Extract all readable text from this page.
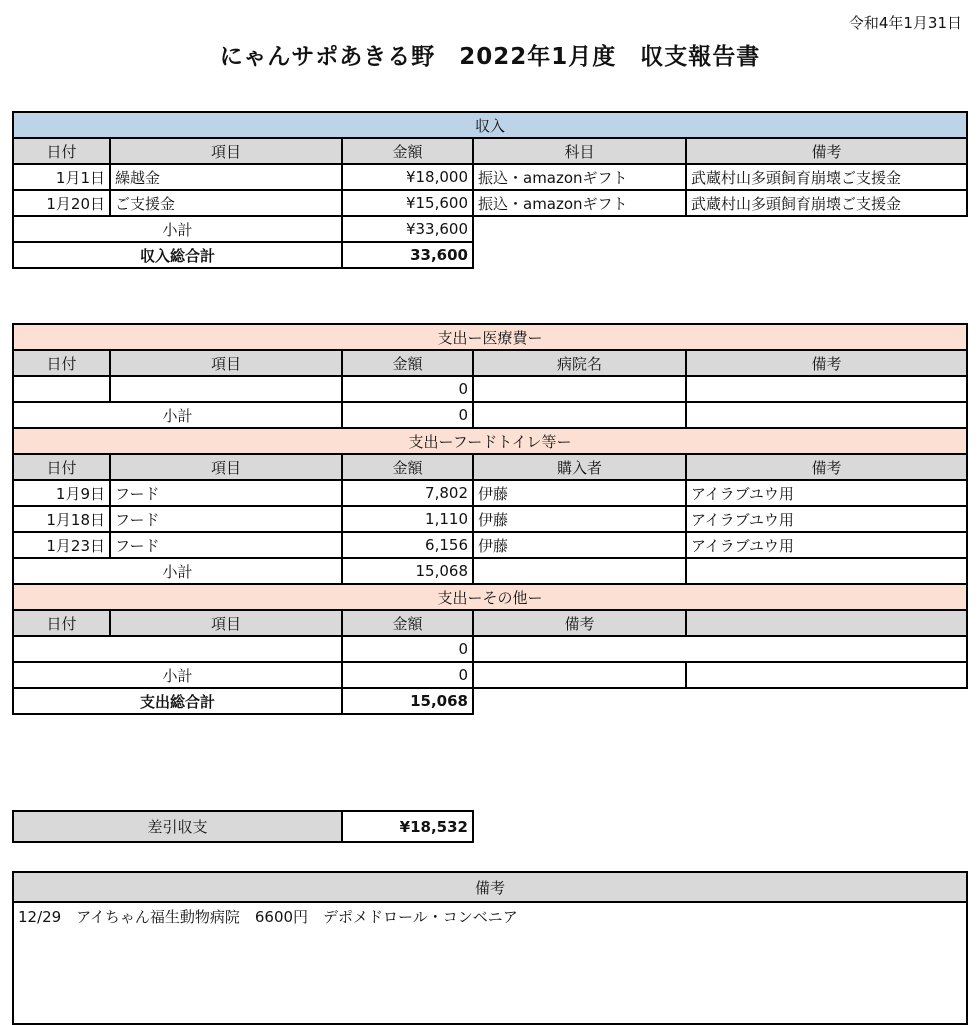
令和4年1月31日
にゃんサポあきる野　2022年1月度　収支報告書
収入				
日付	項目	金額	科目	備考
1月1日	繰越金	¥18,000	振込・amazonギフト	武蔵村山多頭飼育崩壊ご支援金
1月20日	ご支援金	¥15,600	振込・amazonギフト	武蔵村山多頭飼育崩壊ご支援金
小計		¥33,600		
収入総合計		33,600		
支出ー医療費ー				
日付	項目	金額	病院名	備考
		0		
小計		0		
支出ーフードトイレ等ー				
日付	項目	金額	購入者	備考
1月9日	フード	7,802	伊藤	アイラブユウ用
1月18日	フード	1,110	伊藤	アイラブユウ用
1月23日	フード	6,156	伊藤	アイラブユウ用
小計		15,068		
支出ーその他ー				
日付	項目	金額	備考	
		0		
小計		0		
支出総合計		15,068		
差引収支	¥18,532
備考
12/29　アイちゃん福生動物病院　6600円　デポメドロール・コンベニア
